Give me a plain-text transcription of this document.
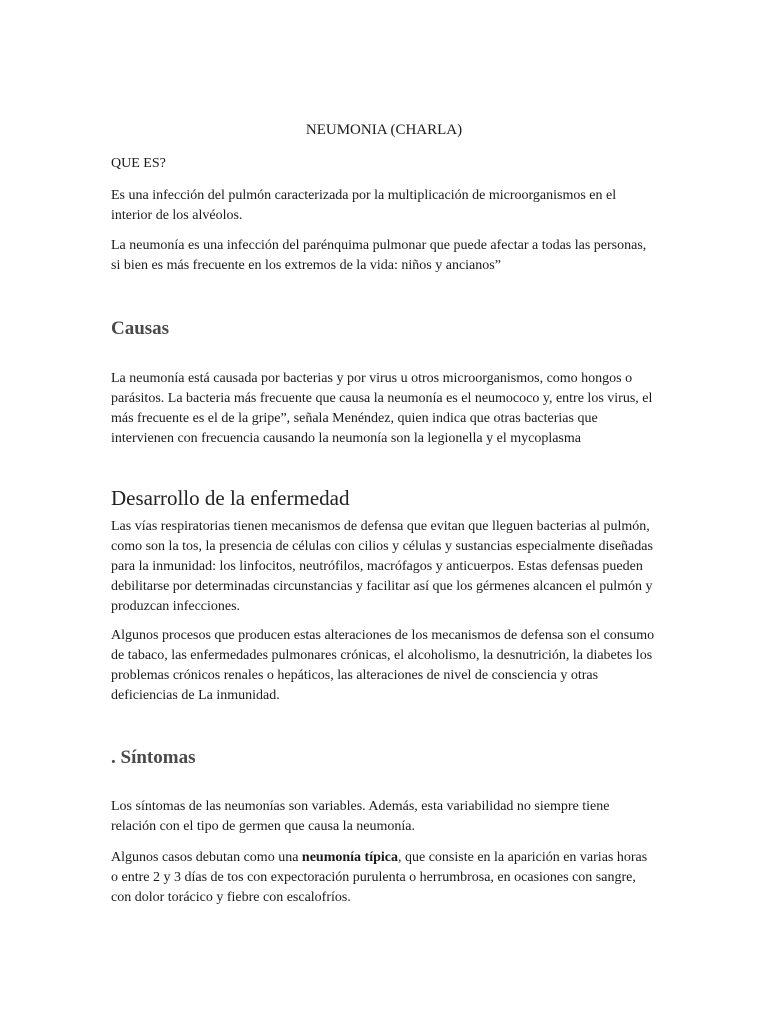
NEUMONIA (CHARLA)

QUE ES?

Es una infección del pulmón caracterizada por la multiplicación de microorganismos en el interior de los alvéolos.

La neumonía es una infección del parénquima pulmonar que puede afectar a todas las personas, si bien es más frecuente en los extremos de la vida: niños y ancianos”

Causas

La neumonía está causada por bacterias y por virus u otros microorganismos, como hongos o parásitos. La bacteria más frecuente que causa la neumonía es el neumococo y, entre los virus, el más frecuente es el de la gripe”, señala Menéndez, quien indica que otras bacterias que intervienen con frecuencia causando la neumonía son la legionella y el mycoplasma

Desarrollo de la enfermedad

Las vías respiratorias tienen mecanismos de defensa que evitan que lleguen bacterias al pulmón, como son la tos, la presencia de células con cilios y células y sustancias especialmente diseñadas para la inmunidad: los linfocitos, neutrófilos, macrófagos y anticuerpos. Estas defensas pueden debilitarse por determinadas circunstancias y facilitar así que los gérmenes alcancen el pulmón y produzcan infecciones.

Algunos procesos que producen estas alteraciones de los mecanismos de defensa son el consumo de tabaco, las enfermedades pulmonares crónicas, el alcoholismo, la desnutrición, la diabetes los problemas crónicos renales o hepáticos, las alteraciones de nivel de consciencia y otras deficiencias de La inmunidad.

. Síntomas

Los síntomas de las neumonías son variables. Además, esta variabilidad no siempre tiene relación con el tipo de germen que causa la neumonía.

Algunos casos debutan como una neumonía típica, que consiste en la aparición en varias horas o entre 2 y 3 días de tos con expectoración purulenta o herrumbrosa, en ocasiones con sangre, con dolor torácico y fiebre con escalofríos.
